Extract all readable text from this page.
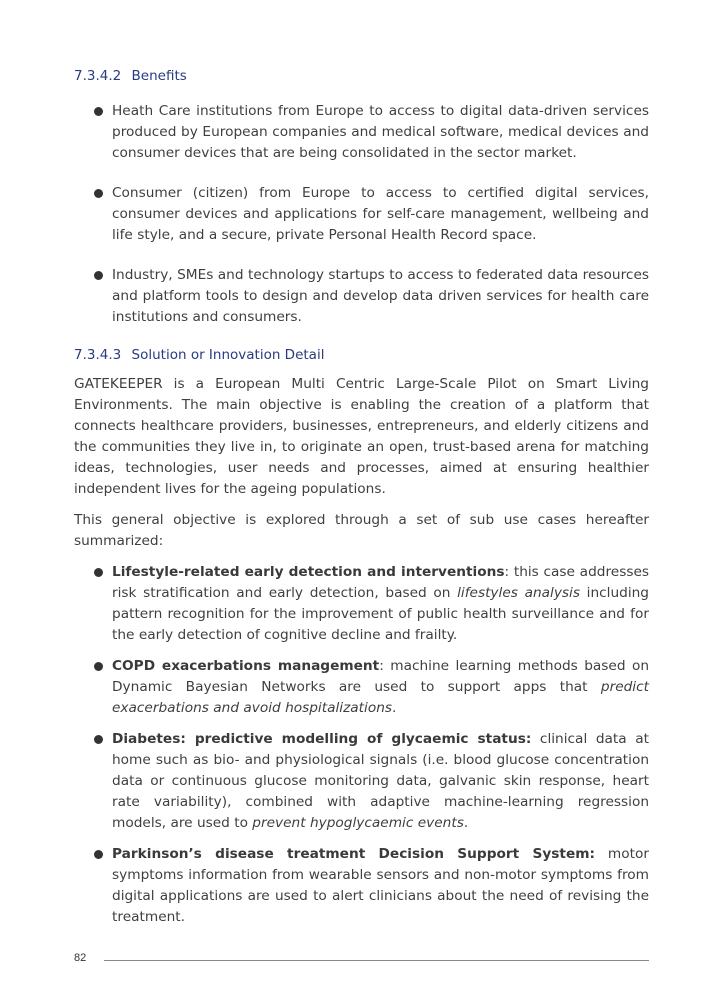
7.3.4.2 Benefits
Heath Care institutions from Europe to access to digital data-driven services produced by European companies and medical software, medical devices and consumer devices that are being consolidated in the sector market.
Consumer (citizen) from Europe to access to certified digital services, consumer devices and applications for self-care management, wellbeing and life style, and a secure, private Personal Health Record space.
Industry, SMEs and technology startups to access to federated data resources and platform tools to design and develop data driven services for health care institutions and consumers.
7.3.4.3 Solution or Innovation Detail

GATEKEEPER is a European Multi Centric Large-Scale Pilot on Smart Living Environments. The main objective is enabling the creation of a platform that connects healthcare providers, businesses, entrepreneurs, and elderly citizens and the communities they live in, to originate an open, trust-based arena for matching ideas, technologies, user needs and processes, aimed at ensuring healthier independent lives for the ageing populations.

This general objective is explored through a set of sub use cases hereafter summarized:

Lifestyle-related early detection and interventions: this case addresses risk stratification and early detection, based on lifestyles analysis including pattern recognition for the improvement of public health surveillance and for the early detection of cognitive decline and frailty.
COPD exacerbations management: machine learning methods based on Dynamic Bayesian Networks are used to support apps that predict exacerbations and avoid hospitalizations.
Diabetes: predictive modelling of glycaemic status: clinical data at home such as bio- and physiological signals (i.e. blood glucose concentration data or continuous glucose monitoring data, galvanic skin response, heart rate variability), combined with adaptive machine-learning regression models, are used to prevent hypoglycaemic events.
Parkinson’s disease treatment Decision Support System: motor symptoms information from wearable sensors and non-motor symptoms from digital applications are used to alert clinicians about the need of revising the treatment.
82
